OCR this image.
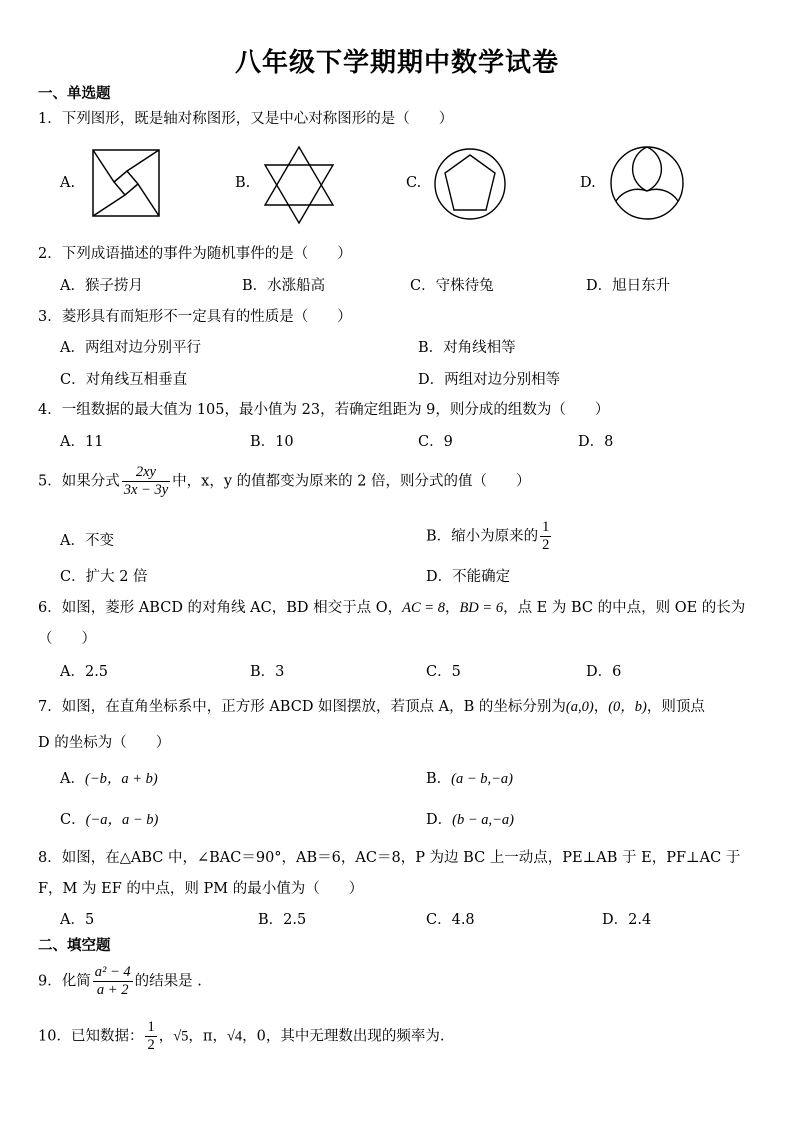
八年级下学期期中数学试卷
一、单选题
1．下列图形，既是轴对称图形，又是中心对称图形的是（　　）
A.	B.	C.	D.
2．下列成语描述的事件为随机事件的是（　　）
A．猴子捞月	B．水涨船高	C．守株待兔	D．旭日东升
3．菱形具有而矩形不一定具有的性质是（　　）
A．两组对边分别平行	B．对角线相等
C．对角线互相垂直	D．两组对边分别相等
4．一组数据的最大值为 105，最小值为 23，若确定组距为 9，则分成的组数为（　　）
A．11	B．10	C．9	D．8
5．如果分式 $\frac{2xy}{3x - 3y}$ 中，x，y 的值都变为原来的 2 倍，则分式的值（　　）
A．不变	B．缩小为原来的 $\frac{1}{2}$
C．扩大 2 倍	D．不能确定
6．如图，菱形 ABCD 的对角线 AC，BD 相交于点 O，AC = 8，BD = 6，点 E 为 BC 的中点，则 OE 的长为
（　　）
A．2.5	B．3	C．5	D．6
7．如图，在直角坐标系中，正方形 ABCD 如图摆放，若顶点 A，B 的坐标分别为(a,0)，(0，b)，则顶点
D 的坐标为（　　）
A．(−b，a + b)	B．(a − b,−a)
C．(−a，a − b)	D．(b − a,−a)
8．如图，在△ABC 中，∠BAC＝90°，AB＝6，AC＝8，P 为边 BC 上一动点，PE⊥AB 于 E，PF⊥AC 于
F，M 为 EF 的中点，则 PM 的最小值为（　　）
A．5	B．2.5	C．4.8	D．2.4
二、填空题
9．化简 $\frac{\text{a² − 4}}{a + 2}$ 的结果是 .
10．已知数据： $\frac{1}{2}$ ，√5，π，√4，0，其中无理数出现的频率为.
